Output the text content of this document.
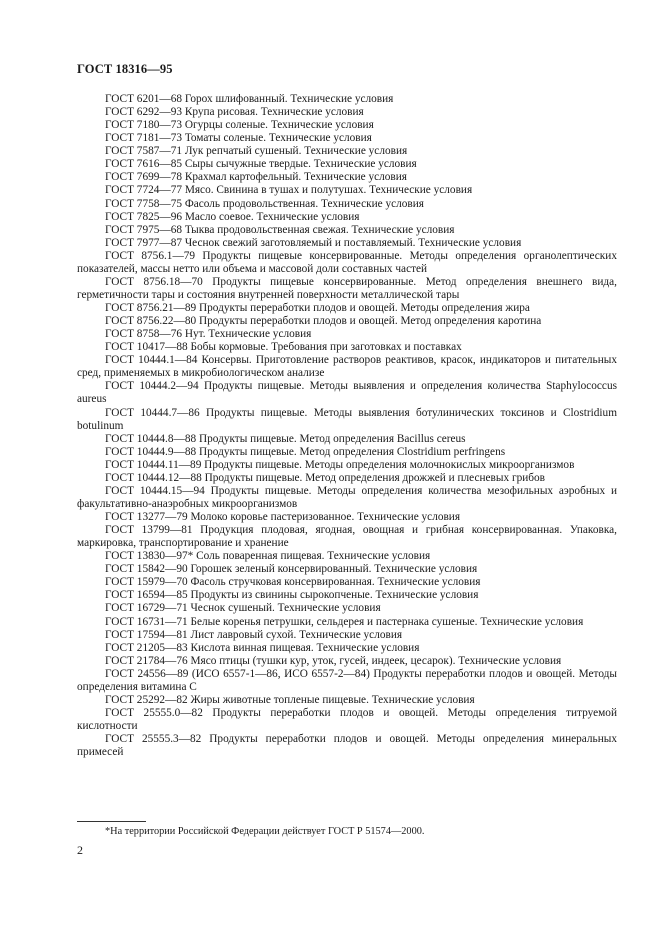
ГОСТ 18316—95

ГОСТ 6201—68 Горох шлифованный. Технические условия

ГОСТ 6292—93 Крупа рисовая. Технические условия

ГОСТ 7180—73 Огурцы соленые. Технические условия

ГОСТ 7181—73 Томаты соленые. Технические условия

ГОСТ 7587—71 Лук репчатый сушеный. Технические условия

ГОСТ 7616—85 Сыры сычужные твердые. Технические условия

ГОСТ 7699—78 Крахмал картофельный. Технические условия

ГОСТ 7724—77 Мясо. Свинина в тушах и полутушах. Технические условия

ГОСТ 7758—75 Фасоль продовольственная. Технические условия

ГОСТ 7825—96 Масло соевое. Технические условия

ГОСТ 7975—68 Тыква продовольственная свежая. Технические условия

ГОСТ 7977—87 Чеснок свежий заготовляемый и поставляемый. Технические условия

ГОСТ 8756.1—79 Продукты пищевые консервированные. Методы определения органолептических показателей, массы нетто или объема и массовой доли составных частей

ГОСТ 8756.18—70 Продукты пищевые консервированные. Метод определения внешнего вида, герметичности тары и состояния внутренней поверхности металлической тары

ГОСТ 8756.21—89 Продукты переработки плодов и овощей. Методы определения жира

ГОСТ 8756.22—80 Продукты переработки плодов и овощей. Метод определения каротина

ГОСТ 8758—76 Нут. Технические условия

ГОСТ 10417—88 Бобы кормовые. Требования при заготовках и поставках

ГОСТ 10444.1—84 Консервы. Приготовление растворов реактивов, красок, индикаторов и питательных сред, применяемых в микробиологическом анализе

ГОСТ 10444.2—94 Продукты пищевые. Методы выявления и определения количества Staphylococcus aureus

ГОСТ 10444.7—86 Продукты пищевые. Методы выявления ботулинических токсинов и Clostridium botulinum

ГОСТ 10444.8—88 Продукты пищевые. Метод определения Bacillus cereus

ГОСТ 10444.9—88 Продукты пищевые. Метод определения Clostridium perfringens

ГОСТ 10444.11—89 Продукты пищевые. Методы определения молочнокислых микроорганизмов

ГОСТ 10444.12—88 Продукты пищевые. Метод определения дрожжей и плесневых грибов

ГОСТ 10444.15—94 Продукты пищевые. Методы определения количества мезофильных аэробных и факультативно-анаэробных микроорганизмов

ГОСТ 13277—79 Молоко коровье пастеризованное. Технические условия

ГОСТ 13799—81 Продукция плодовая, ягодная, овощная и грибная консервированная. Упаковка, маркировка, транспортирование и хранение

ГОСТ 13830—97* Соль поваренная пищевая. Технические условия

ГОСТ 15842—90 Горошек зеленый консервированный. Технические условия

ГОСТ 15979—70 Фасоль стручковая консервированная. Технические условия

ГОСТ 16594—85 Продукты из свинины сырокопченые. Технические условия

ГОСТ 16729—71 Чеснок сушеный. Технические условия

ГОСТ 16731—71 Белые коренья петрушки, сельдерея и пастернака сушеные. Технические условия

ГОСТ 17594—81 Лист лавровый сухой. Технические условия

ГОСТ 21205—83 Кислота винная пищевая. Технические условия

ГОСТ 21784—76 Мясо птицы (тушки кур, уток, гусей, индеек, цесарок). Технические условия

ГОСТ 24556—89 (ИСО 6557-1—86, ИСО 6557-2—84) Продукты переработки плодов и овощей. Методы определения витамина С

ГОСТ 25292—82 Жиры животные топленые пищевые. Технические условия

ГОСТ 25555.0—82 Продукты переработки плодов и овощей. Методы определения титруемой кислотности

ГОСТ 25555.3—82 Продукты переработки плодов и овощей. Методы определения минеральных примесей

*На территории Российской Федерации действует ГОСТ Р 51574—2000.
2
